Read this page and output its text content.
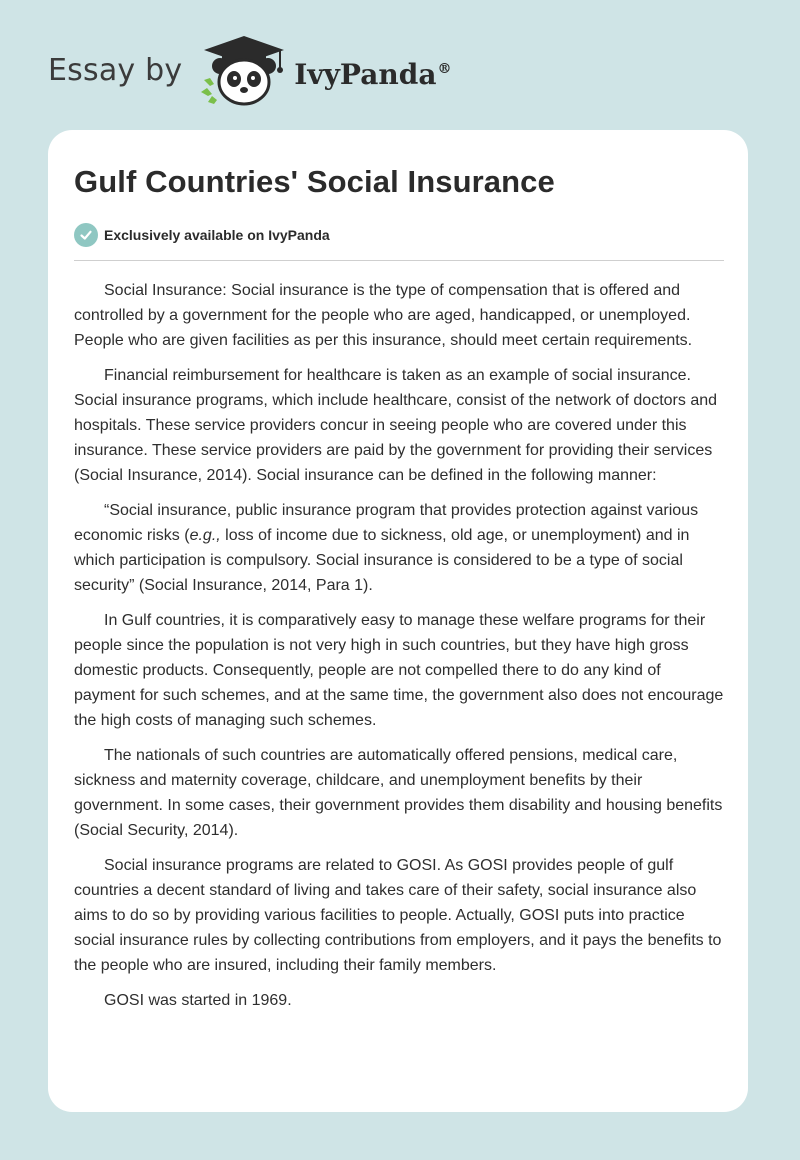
Essay by	IvyPanda®
Gulf Countries' Social Insurance
Exclusively available on IvyPanda

Social Insurance: Social insurance is the type of compensation that is offered and controlled by a government for the people who are aged, handicapped, or unemployed. People who are given facilities as per this insurance, should meet certain requirements.

Financial reimbursement for healthcare is taken as an example of social insurance. Social insurance programs, which include healthcare, consist of the network of doctors and hospitals. These service providers concur in seeing people who are covered under this insurance. These service providers are paid by the government for providing their services (Social Insurance, 2014). Social insurance can be defined in the following manner:

“Social insurance, public insurance program that provides protection against various economic risks (e.g., loss of income due to sickness, old age, or unemployment) and in which participation is compulsory. Social insurance is considered to be a type of social security” (Social Insurance, 2014, Para 1).

In Gulf countries, it is comparatively easy to manage these welfare programs for their people since the population is not very high in such countries, but they have high gross domestic products. Consequently, people are not compelled there to do any kind of payment for such schemes, and at the same time, the government also does not encourage the high costs of managing such schemes.

The nationals of such countries are automatically offered pensions, medical care, sickness and maternity coverage, childcare, and unemployment benefits by their government. In some cases, their government provides them disability and housing benefits (Social Security, 2014).

Social insurance programs are related to GOSI. As GOSI provides people of gulf countries a decent standard of living and takes care of their safety, social insurance also aims to do so by providing various facilities to people. Actually, GOSI puts into practice social insurance rules by collecting contributions from employers, and it pays the benefits to the people who are insured, including their family members.

GOSI was started in 1969.
